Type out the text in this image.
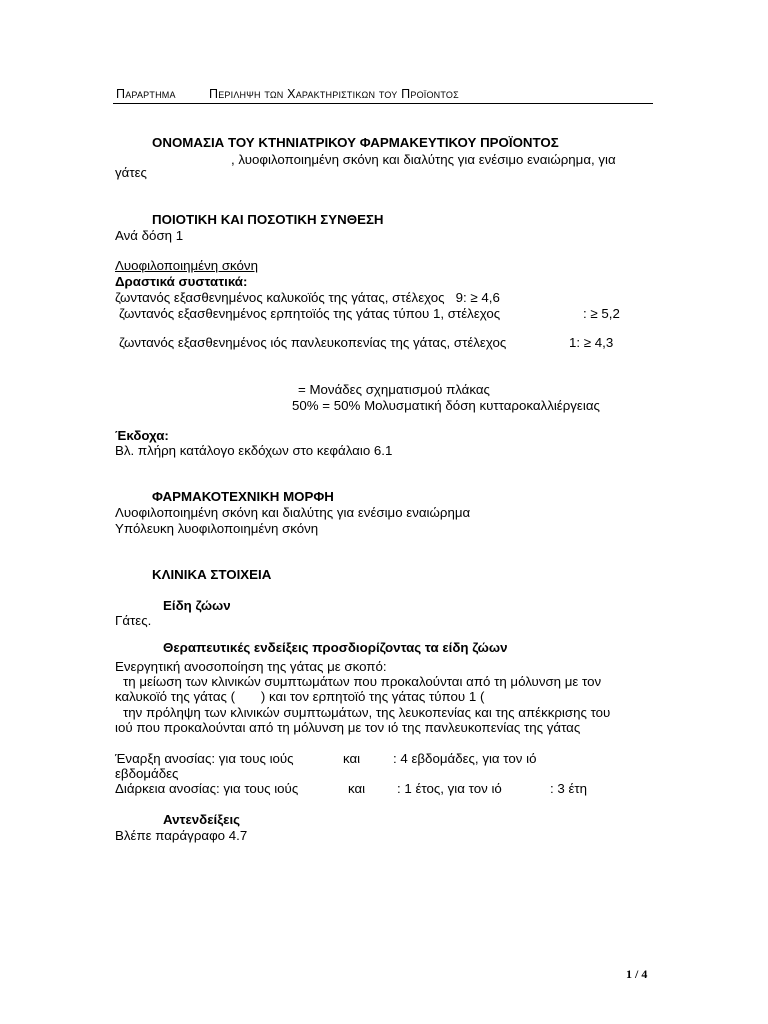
Παραρτημα	Περιληψη των Χαρακτηριστικων του Προϊοντος
ΟΝΟΜΑΣΙΑ ΤΟΥ ΚΤΗΝΙΑΤΡΙΚΟΥ ΦΑΡΜΑΚΕΥΤΙΚΟΥ ΠΡΟΪΟΝΤΟΣ
, λυοφιλοποιημένη σκόνη και διαλύτης για ενέσιμο εναιώρημα, για
γάτες
ΠΟΙΟΤΙΚΗ ΚΑΙ ΠΟΣΟΤΙΚΗ ΣΥΝΘΕΣΗ
Ανά δόση 1
Λυοφιλοποιημένη σκόνη
Δραστικά συστατικά:
ζωντανός εξασθενημένος καλυκοϊός της γάτας, στέλεχος   9: ≥ 4,6
ζωντανός εξασθενημένος ερπητοϊός της γάτας τύπου 1, στέλεχος	: ≥ 5,2
ζωντανός εξασθενημένος ιός πανλευκοπενίας της γάτας, στέλεχος	1: ≥ 4,3
= Μονάδες σχηματισμού πλάκας
50% = 50% Μολυσματική δόση κυτταροκαλλιέργειας
Έκδοχα:
Βλ. πλήρη κατάλογο εκδόχων στο κεφάλαιο 6.1
ΦΑΡΜΑΚΟΤΕΧΝΙΚΗ ΜΟΡΦΗ
Λυοφιλοποιημένη σκόνη και διαλύτης για ενέσιμο εναιώρημα
Υπόλευκη λυοφιλοποιημένη σκόνη
ΚΛΙΝΙΚΑ ΣΤΟΙΧΕΙΑ
Είδη ζώων
Γάτες.
Θεραπευτικές ενδείξεις προσδιορίζοντας τα είδη ζώων
Ενεργητική ανοσοποίηση της γάτας με σκοπό:
τη μείωση των κλινικών συμπτωμάτων που προκαλούνται από τη μόλυνση με τον
καλυκοϊό της γάτας (       ) και τον ερπητοϊό της γάτας τύπου 1 (
την πρόληψη των κλινικών συμπτωμάτων, της λευκοπενίας και της απέκκρισης του
ιού που προκαλούνται από τη μόλυνση με τον ιό της πανλευκοπενίας της γάτας
Έναρξη ανοσίας: για τους ιούς	και : 4 εβδομάδες, για τον ιό
εβδομάδες
Διάρκεια ανοσίας: για τους ιούς	και : 1 έτος, για τον ιό	: 3 έτη
Αντενδείξεις
Βλέπε παράγραφο 4.7
1 / 4
